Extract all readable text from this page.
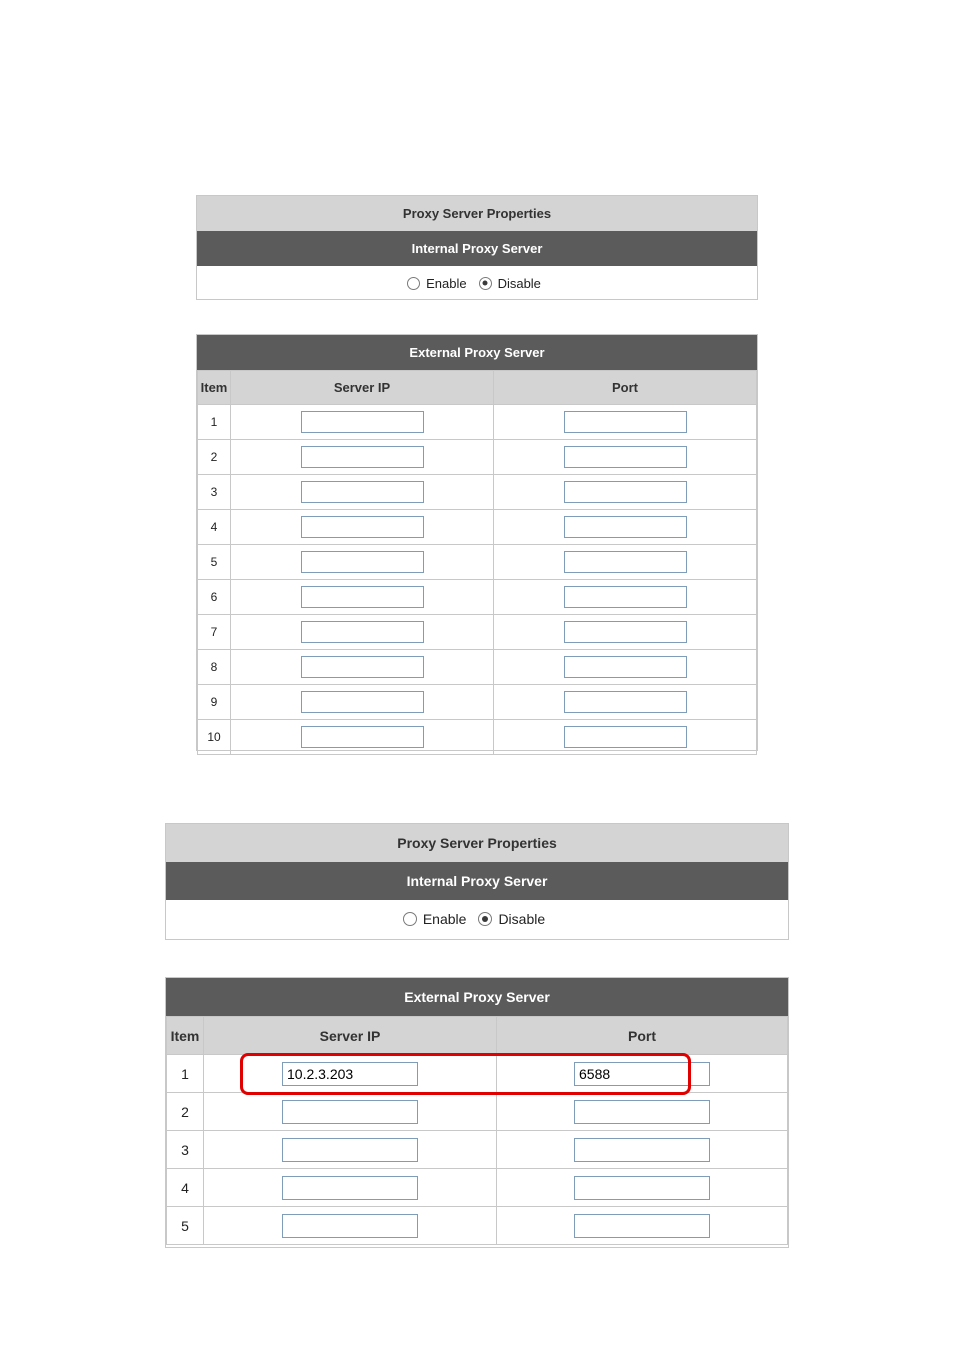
Proxy Server Properties
Internal Proxy Server
Enable Disable
External Proxy Server
Item	Server IP	Port
1		
2		
3		
4		
5		
6		
7		
8		
9		
10		
Proxy Server Properties
Internal Proxy Server
Enable Disable
External Proxy Server
Item	Server IP	Port
1	10.2.3.203	6588
2		
3		
4		
5		
